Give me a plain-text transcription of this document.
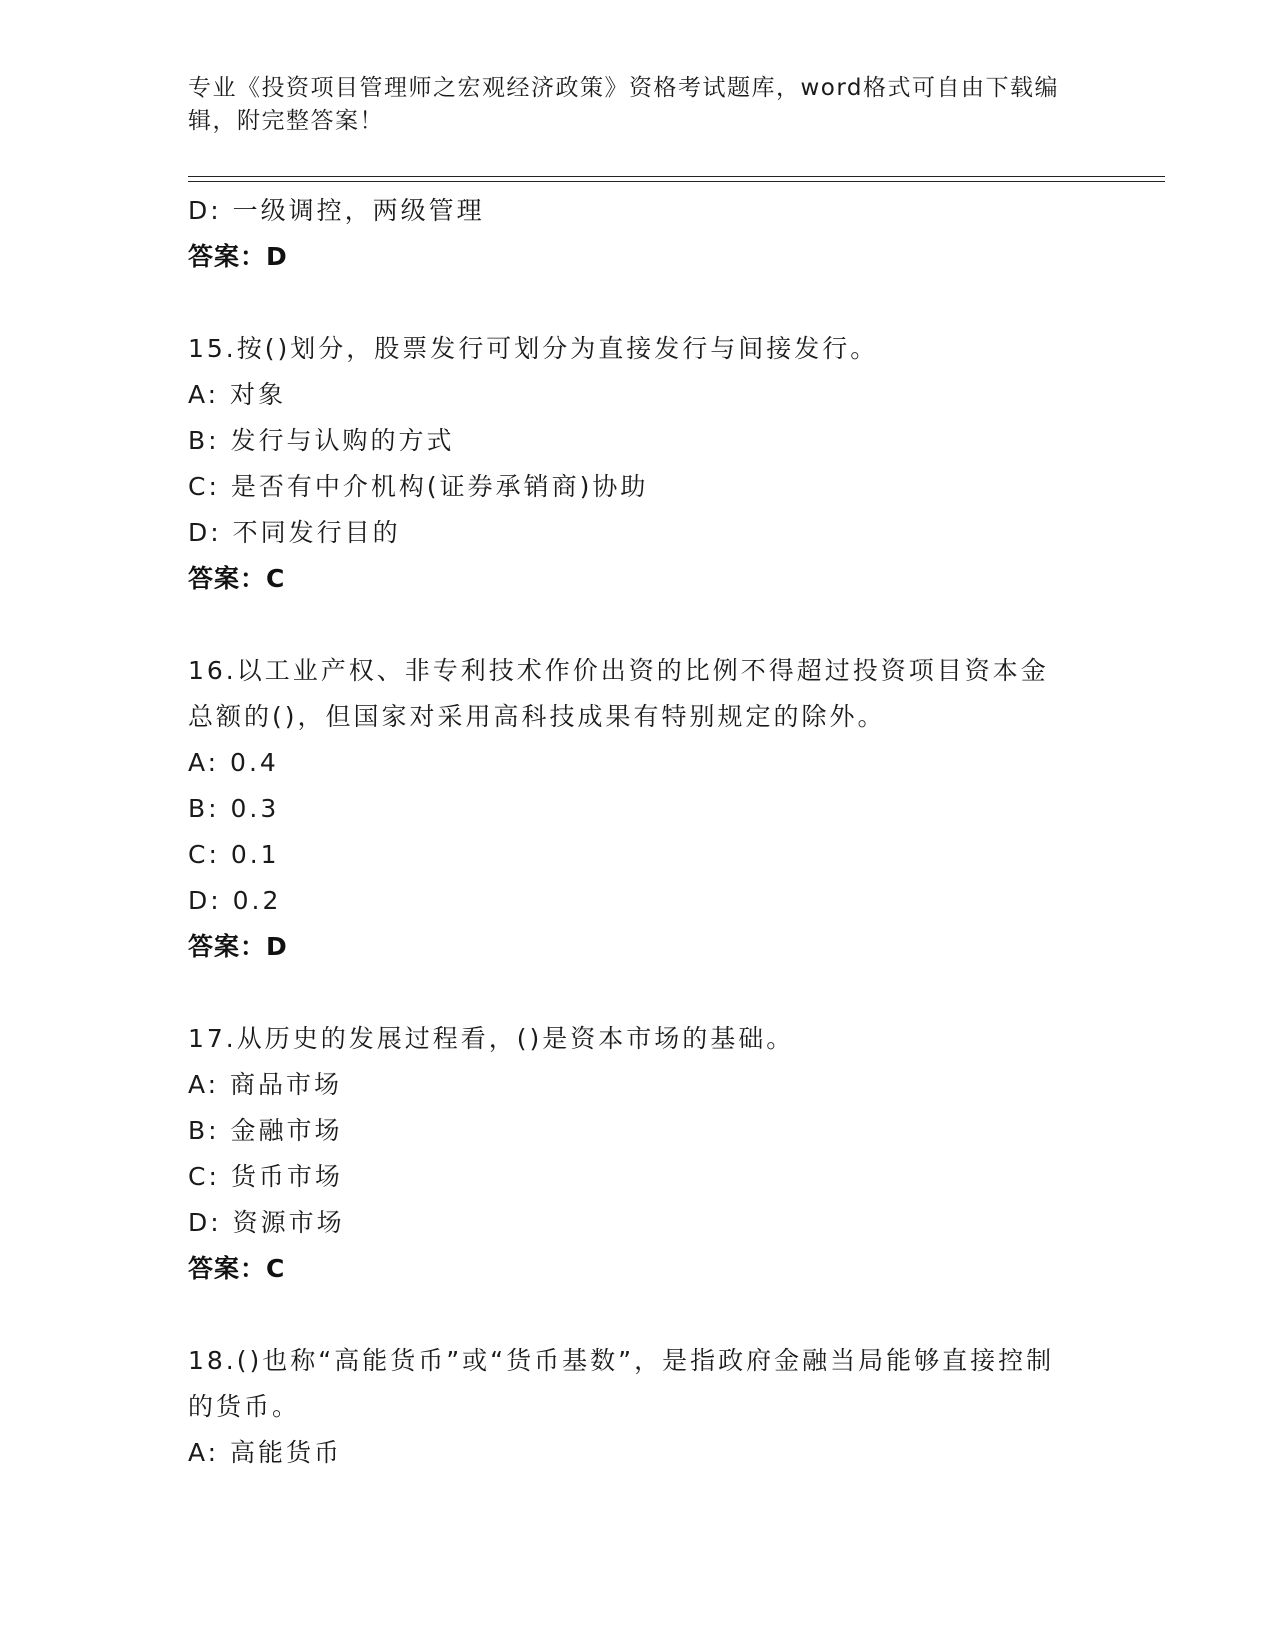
专业《投资项目管理师之宏观经济政策》资格考试题库，word格式可自由下载编辑，附完整答案！
D: 一级调控，两级管理
答案：D
15.按()划分，股票发行可划分为直接发行与间接发行。
A: 对象
B: 发行与认购的方式
C: 是否有中介机构(证券承销商)协助
D: 不同发行目的
答案：C
16.以工业产权、非专利技术作价出资的比例不得超过投资项目资本金总额的()，但国家对采用高科技成果有特别规定的除外。
A: 0.4
B: 0.3
C: 0.1
D: 0.2
答案：D
17.从历史的发展过程看，()是资本市场的基础。
A: 商品市场
B: 金融市场
C: 货币市场
D: 资源市场
答案：C
18.()也称“高能货币”或“货币基数”，是指政府金融当局能够直接控制的货币。
A: 高能货币
